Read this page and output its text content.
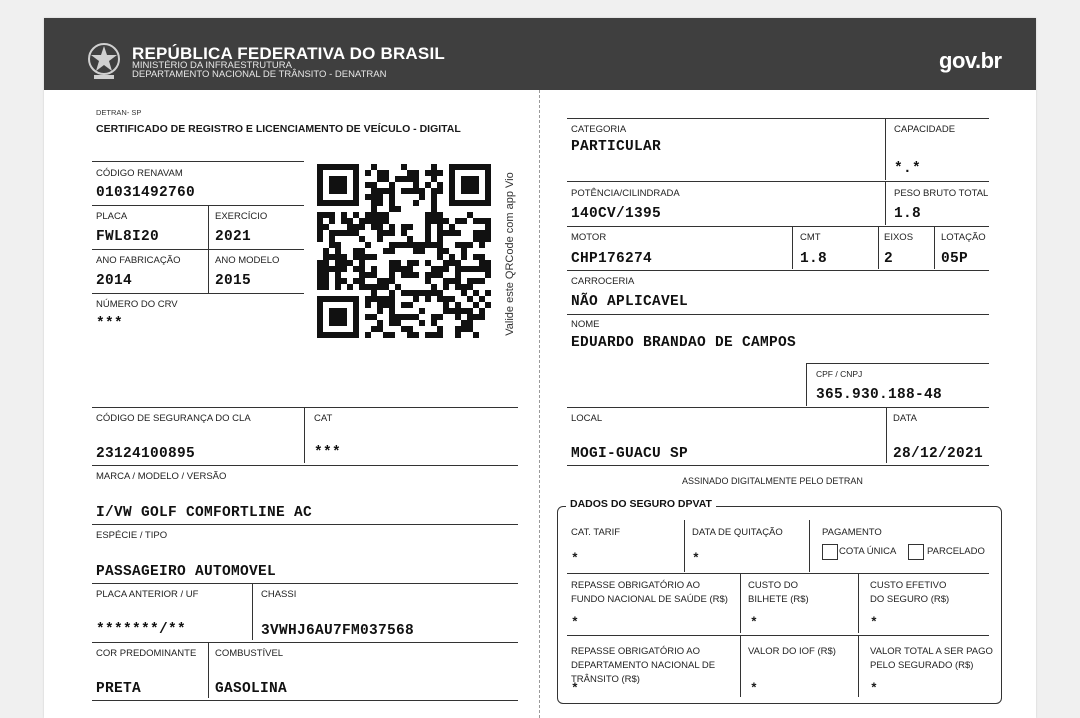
REPÚBLICA FEDERATIVA DO BRASIL
MINISTÉRIO DA INFRAESTRUTURA
DEPARTAMENTO NACIONAL DE TRÂNSITO - DENATRAN
gov.br
DETRAN- SP
CERTIFICADO DE REGISTRO E LICENCIAMENTO DE VEÍCULO - DIGITAL
CÓDIGO RENAVAM
01031492760
PLACA
FWL8I20
EXERCÍCIO
2021
ANO FABRICAÇÃO
2014
ANO MODELO
2015
NÚMERO DO CRV
***	Valide este QRCode com app Vio
CÓDIGO DE SEGURANÇA DO CLA
23124100895
CAT
***
MARCA / MODELO / VERSÃO
I/VW GOLF COMFORTLINE AC
ESPÉCIE / TIPO
PASSAGEIRO AUTOMOVEL
PLACA ANTERIOR / UF
*******/**
CHASSI
3VWHJ6AU7FM037568
COR PREDOMINANTE
PRETA
COMBUSTÍVEL
GASOLINA
CATEGORIA
PARTICULAR
CAPACIDADE
*.*
POTÊNCIA/CILINDRADA
140CV/1395
PESO BRUTO TOTAL
1.8
MOTOR
CHP176274
CMT
1.8
EIXOS
2
LOTAÇÃO
05P
CARROCERIA
NÃO APLICAVEL
NOME
EDUARDO BRANDAO DE CAMPOS
CPF / CNPJ
365.930.188-48
LOCAL
MOGI-GUACU SP
DATA
28/12/2021
ASSINADO DIGITALMENTE PELO DETRAN
DADOS DO SEGURO DPVAT
CAT. TARIF
*
DATA DE QUITAÇÃO
*
PAGAMENTO
COTA ÚNICA	PARCELADO
REPASSE OBRIGATÓRIO AO
FUNDO NACIONAL DE SAÚDE (R$)
*
CUSTO DO
BILHETE (R$)
*
CUSTO EFETIVO
DO SEGURO (R$)
*
REPASSE OBRIGATÓRIO AO
DEPARTAMENTO NACIONAL DE
TRÂNSITO (R$)
*
VALOR DO IOF (R$)
*
VALOR TOTAL A SER PAGO
PELO SEGURADO (R$)
*
